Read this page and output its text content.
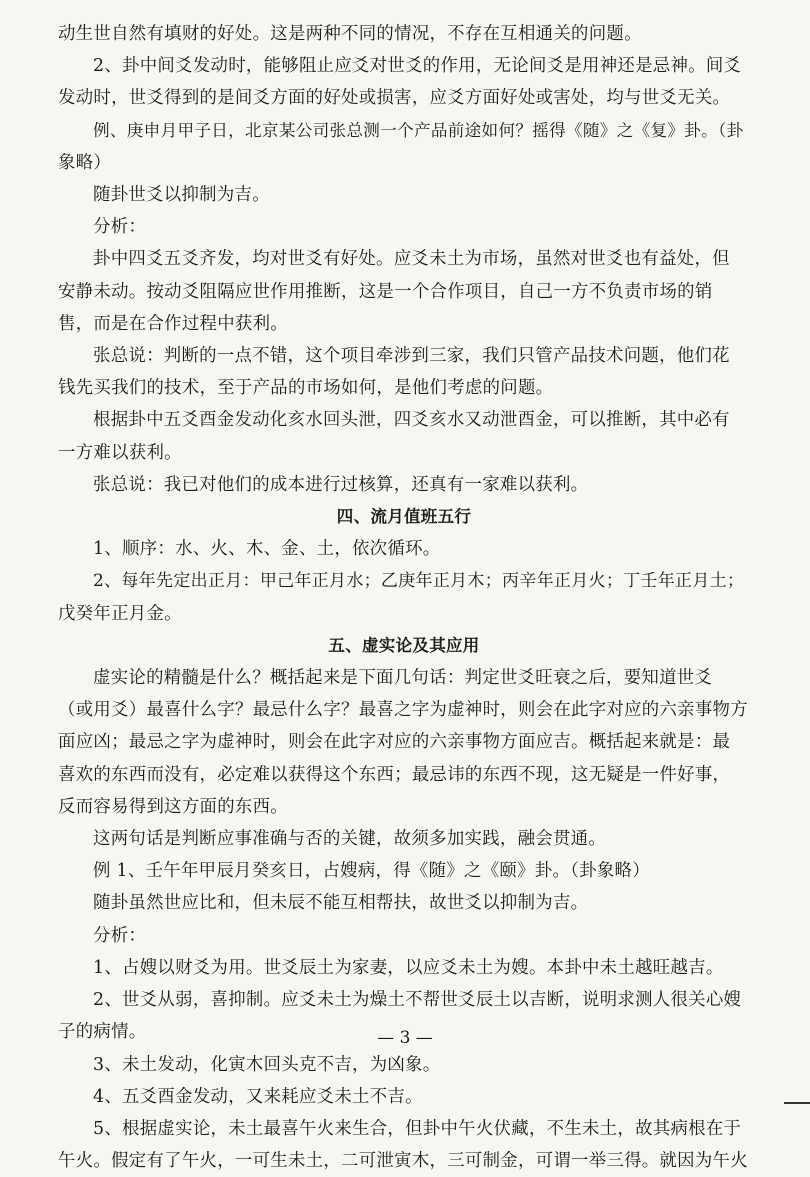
动生世自然有填财的好处。这是两种不同的情况，不存在互相通关的问题。
2、卦中间爻发动时，能够阻止应爻对世爻的作用，无论间爻是用神还是忌神。间爻
发动时，世爻得到的是间爻方面的好处或损害，应爻方面好处或害处，均与世爻无关。
例、庚申月甲子日，北京某公司张总测一个产品前途如何？摇得《随》之《复》卦。（卦
象略）
随卦世爻以抑制为吉。
分析：
卦中四爻五爻齐发，均对世爻有好处。应爻未土为市场，虽然对世爻也有益处，但
安静未动。按动爻阻隔应世作用推断，这是一个合作项目，自己一方不负责市场的销
售，而是在合作过程中获利。
张总说：判断的一点不错，这个项目牵涉到三家，我们只管产品技术问题，他们花
钱先买我们的技术，至于产品的市场如何，是他们考虑的问题。
根据卦中五爻酉金发动化亥水回头泄，四爻亥水又动泄酉金，可以推断，其中必有
一方难以获利。
张总说：我已对他们的成本进行过核算，还真有一家难以获利。
四、流月值班五行
1、顺序：水、火、木、金、土，依次循环。
2、每年先定出正月：甲己年正月水；乙庚年正月木；丙辛年正月火；丁壬年正月土；
戊癸年正月金。
五、虚实论及其应用
虚实论的精髓是什么？概括起来是下面几句话：判定世爻旺衰之后，要知道世爻
（或用爻）最喜什么字？最忌什么字？最喜之字为虚神时，则会在此字对应的六亲事物方
面应凶；最忌之字为虚神时，则会在此字对应的六亲事物方面应吉。概括起来就是：最
喜欢的东西而没有，必定难以获得这个东西；最忌讳的东西不现，这无疑是一件好事，
反而容易得到这方面的东西。
这两句话是判断应事准确与否的关键，故须多加实践，融会贯通。
例 1、壬午年甲辰月癸亥日，占嫂病，得《随》之《颐》卦。（卦象略）
随卦虽然世应比和，但未辰不能互相帮扶，故世爻以抑制为吉。
分析：
1、占嫂以财爻为用。世爻辰土为家妻，以应爻未土为嫂。本卦中未土越旺越吉。
2、世爻从弱，喜抑制。应爻未土为燥土不帮世爻辰土以吉断，说明求测人很关心嫂
子的病情。
3、未土发动，化寅木回头克不吉，为凶象。
4、五爻酉金发动，又来耗应爻未土不吉。
5、根据虚实论，未土最喜午火来生合，但卦中午火伏藏，不生未土，故其病根在于
午火。假定有了午火，一可生未土，二可泄寅木，三可制金，可谓一举三得。就因为午火
— 3 —
